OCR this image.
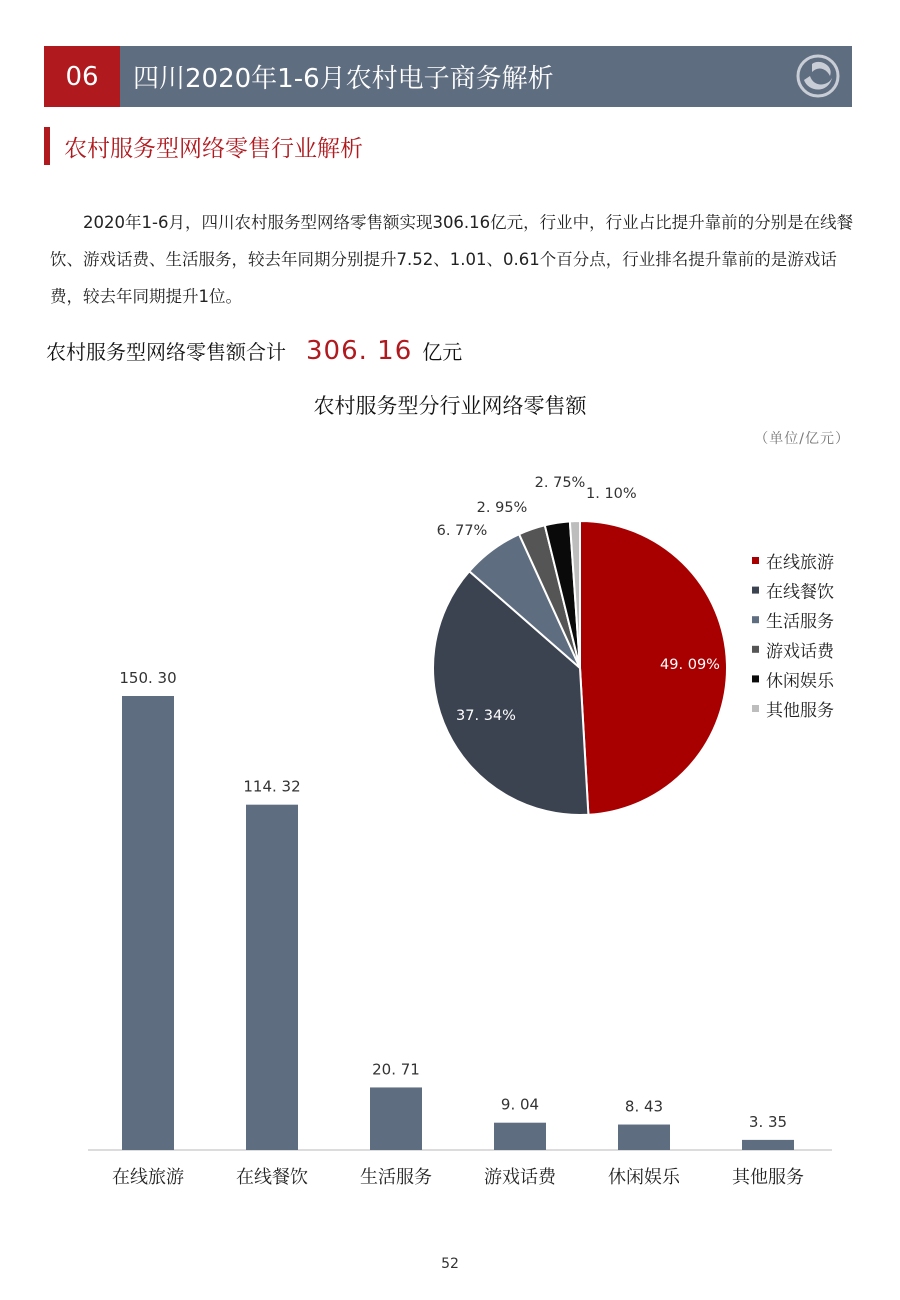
06	四川2020年1-6月农村电子商务解析
农村服务型网络零售行业解析
2020年1-6月，四川农村服务型网络零售额实现306.16亿元，行业中，行业占比提升靠前的分别是在线餐饮、游戏话费、生活服务，较去年同期分别提升7.52、1.01、0.61个百分点，行业排名提升靠前的是游戏话费，较去年同期提升1位。
农村服务型网络零售额合计 306. 16 亿元
农村服务型分行业网络零售额
（单位/亿元）
150. 30
在线旅游
114. 32
在线餐饮
20. 71
生活服务
9. 04
游戏话费
8. 43
休闲娱乐
3. 35
其他服务
49. 09%
37. 34%
6. 77%
2. 95%
2. 75%
1. 10%
在线旅游
在线餐饮
生活服务
游戏话费
休闲娱乐
其他服务
52
